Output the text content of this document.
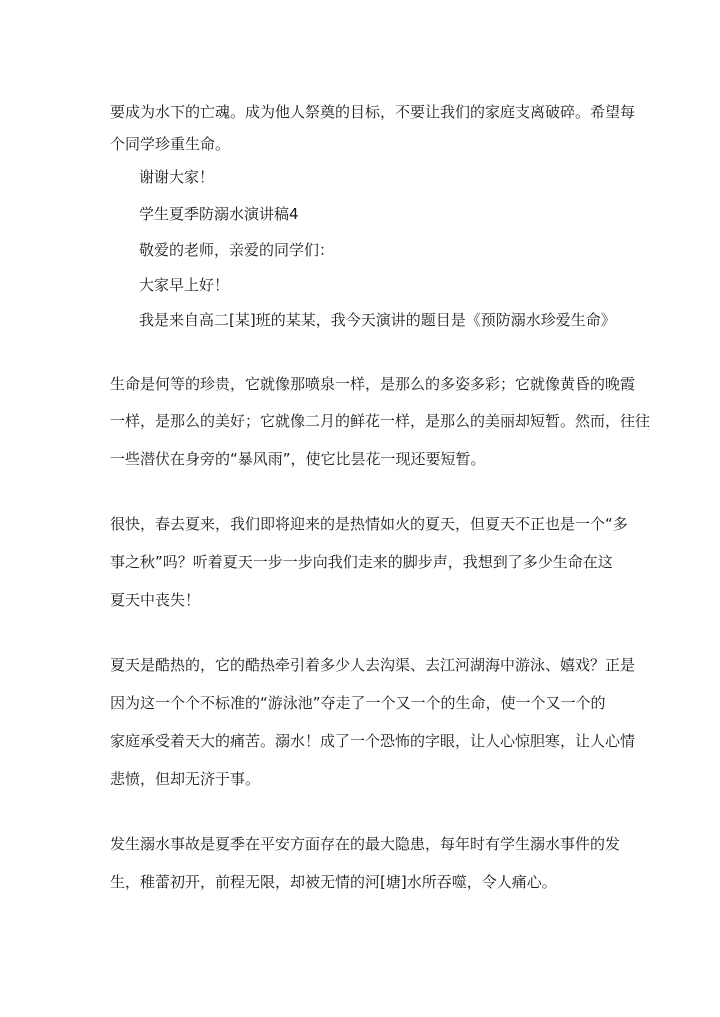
要成为水下的亡魂。成为他人祭奠的目标，不要让我们的家庭支离破碎。希望每
个同学珍重生命。
谢谢大家！
学生夏季防溺水演讲稿4
敬爱的老师，亲爱的同学们：
大家早上好！
我是来自高二[某]班的某某，我今天演讲的题目是《预防溺水珍爱生命》
生命是何等的珍贵，它就像那喷泉一样，是那么的多姿多彩；它就像黄昏的晚霞
一样，是那么的美好；它就像二月的鲜花一样，是那么的美丽却短暂。然而，往往
一些潜伏在身旁的“暴风雨”，使它比昙花一现还要短暂。
很快，春去夏来，我们即将迎来的是热情如火的夏天，但夏天不正也是一个“多
事之秋”吗？听着夏天一步一步向我们走来的脚步声，我想到了多少生命在这
夏天中丧失！
夏天是酷热的，它的酷热牵引着多少人去沟渠、去江河湖海中游泳、嬉戏？正是
因为这一个个不标准的“游泳池”夺走了一个又一个的生命，使一个又一个的
家庭承受着天大的痛苦。溺水！成了一个恐怖的字眼，让人心惊胆寒，让人心情
悲愤，但却无济于事。
发生溺水事故是夏季在平安方面存在的最大隐患，每年时有学生溺水事件的发
生，稚蕾初开，前程无限，却被无情的河[塘]水所吞噬，令人痛心。
